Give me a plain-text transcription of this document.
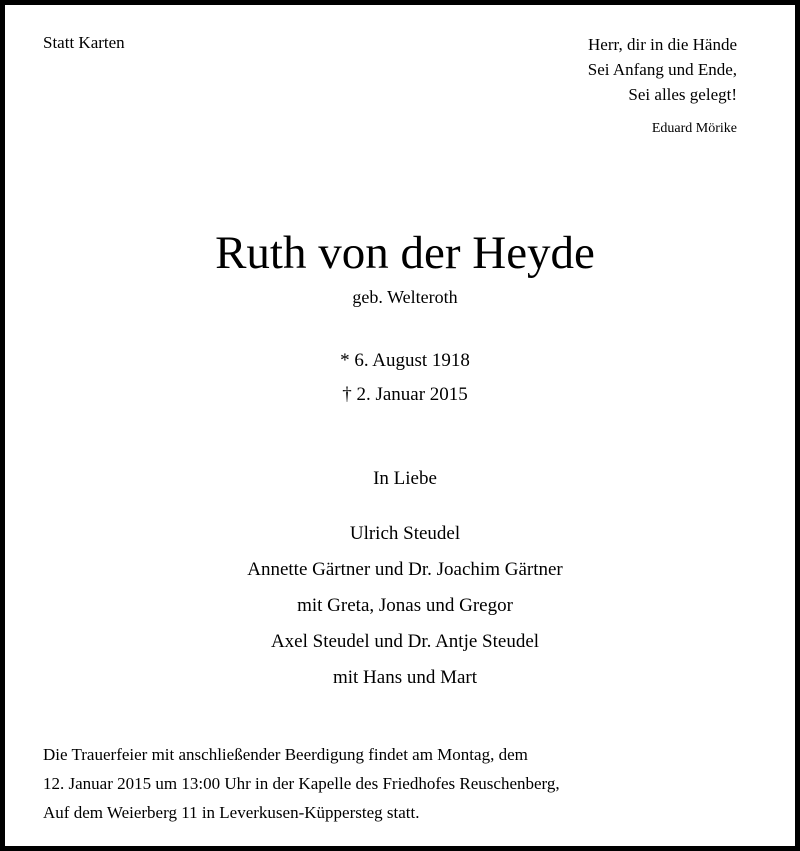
Statt Karten	Herr, dir in die Hände
Sei Anfang und Ende,
Sei alles gelegt!
Eduard Mörike
Ruth von der Heyde
geb. Welteroth
* 6. August 1918
† 2. Januar 2015
In Liebe
Ulrich Steudel
Annette Gärtner und Dr. Joachim Gärtner
mit Greta, Jonas und Gregor
Axel Steudel und Dr. Antje Steudel
mit Hans und Mart
Die Trauerfeier mit anschließender Beerdigung findet am Montag, dem
12. Januar 2015 um 13:00 Uhr in der Kapelle des Friedhofes Reuschenberg,
Auf dem Weierberg 11 in Leverkusen-Küppersteg statt.
